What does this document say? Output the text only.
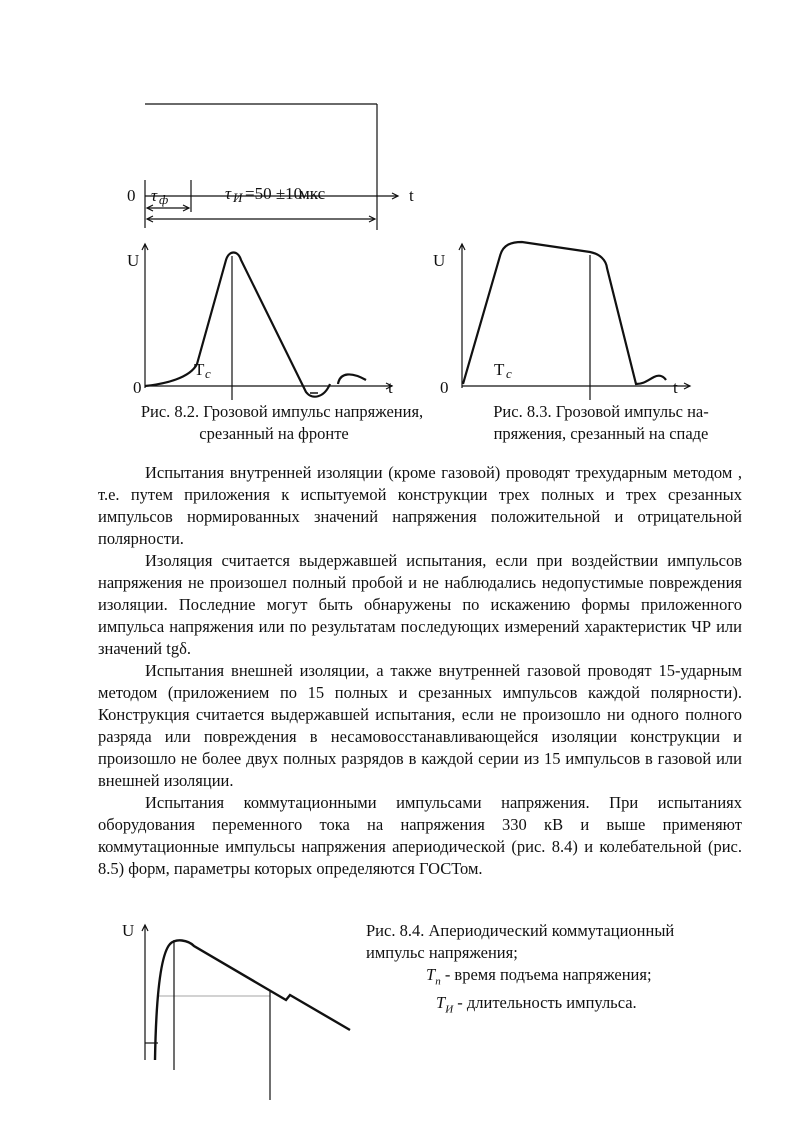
0	t
τ ф	τ И =50 ±10
мкс
U
0	t
T c
U
0	t
T c
Рис. 8.2. Грозовой импульс напряжения,
срезанный на фронте
Рис. 8.3. Грозовой импульс на-
пряжения, срезанный на спаде

Испытания внутренней изоляции (кроме газовой) проводят трехударным методом , т.е. путем приложения к испытуемой конструкции трех полных и трех срезанных импульсов нормированных значений напряжения положительной и отрицательной полярности.

Изоляция считается выдержавшей испытания, если при воздействии импульсов напряжения не произошел полный пробой и не наблюдались недопустимые повреждения изоляции. Последние могут быть обнаружены по искажению формы приложенного импульса напряжения или по результатам последующих измерений характеристик ЧР или значений tgδ.

Испытания внешней изоляции, а также внутренней газовой проводят 15-ударным методом (приложением по 15 полных и срезанных импульсов каждой полярности). Конструкция считается выдержавшей испытания, если не произошло ни одного полного разряда или повреждения в несамовосстанавливающейся изоляции конструкции и произошло не более двух полных разрядов в каждой серии из 15 импульсов в газовой или внешней изоляции.

Испытания коммутационными импульсами напряжения. При испытаниях оборудования переменного тока на напряжения 330 кВ и выше применяют коммутационные импульсы напряжения апериодической (рис. 8.4) и колебательной (рис. 8.5) форм, параметры которых определяются ГОСТом.

U	Рис. 8.4. Апериодический коммутационный
импульс напряжения;
$T_п$ - время подъема напряжения;
$T_И$ - длительность импульса.
